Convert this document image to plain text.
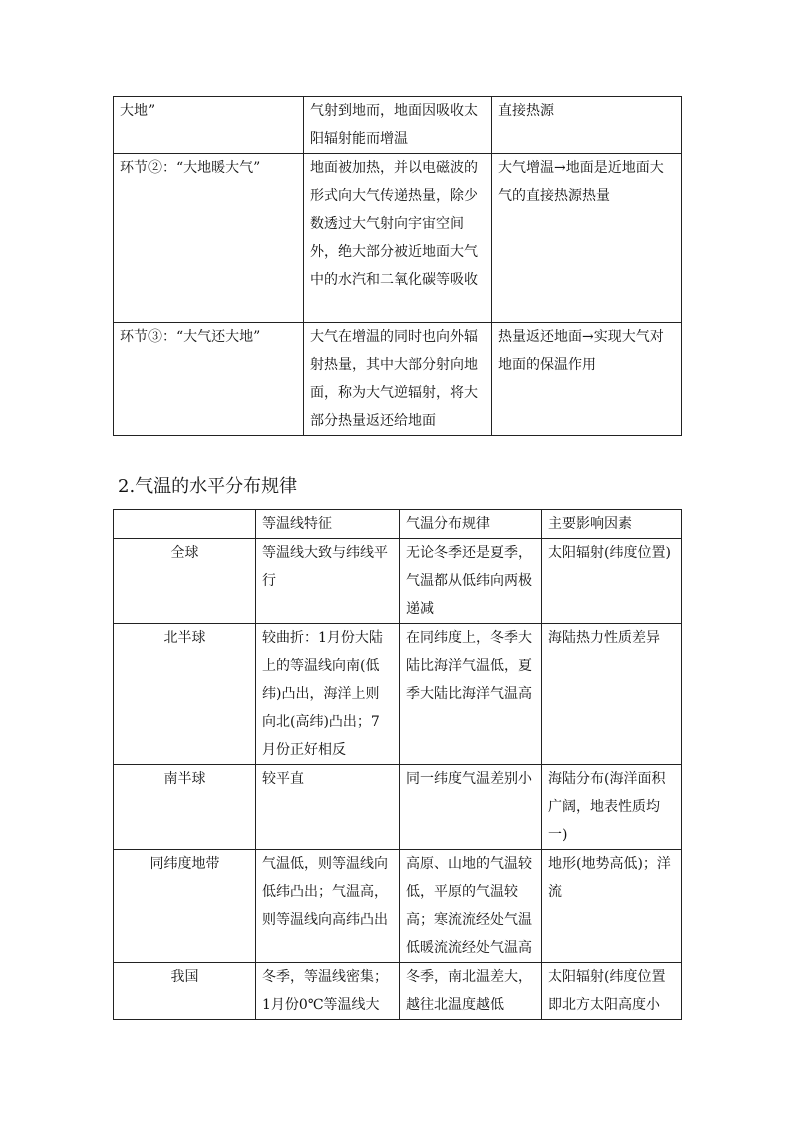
大地”	气射到地而，地面因吸收太阳辐射能而增温	直接热源
环节②：“大地暖大气”	地面被加热，并以电磁波的形式向大气传递热量，除少数透过大气射向宇宙空间外，绝大部分被近地面大气中的水汽和二氧化碳等吸收	大气增温→地面是近地面大气的直接热源热量
环节③：“大气还大地”	大气在增温的同时也向外辐射热量，其中大部分射向地面，称为大气逆辐射，将大部分热量返还给地面	热量返还地面→实现大气对地面的保温作用
2.气温的水平分布规律
	等温线特征	气温分布规律	主要影响因素
全球	等温线大致与纬线平行	无论冬季还是夏季，气温都从低纬向两极递减	太阳辐射(纬度位置)
北半球	较曲折：1月份大陆上的等温线向南(低纬)凸出，海洋上则向北(高纬)凸出；7月份正好相反	在同纬度上，冬季大陆比海洋气温低，夏季大陆比海洋气温高	海陆热力性质差异
南半球	较平直	同一纬度气温差别小	海陆分布(海洋面积广阔，地表性质均一)
同纬度地带	气温低，则等温线向低纬凸出；气温高，则等温线向高纬凸出	高原、山地的气温较低，平原的气温较高；寒流流经处气温低暖流流经处气温高	地形(地势高低)；洋流
我国	冬季，等温线密集；1月份0℃等温线大	冬季，南北温差大，越往北温度越低	太阳辐射(纬度位置即北方太阳高度小
